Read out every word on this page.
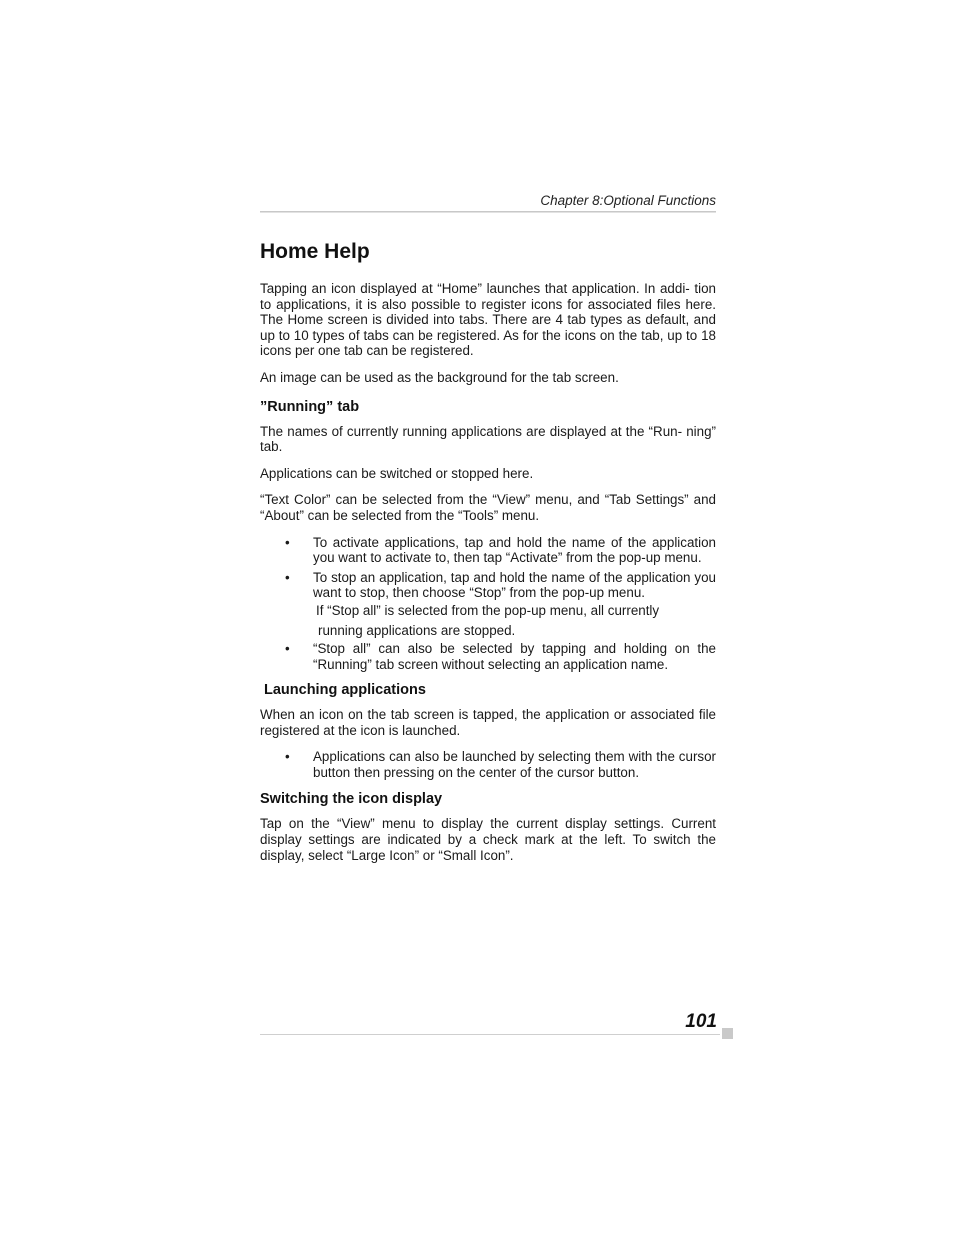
Chapter 8:Optional Functions
Home Help

Tapping an icon displayed at “Home” launches that application. In addi- tion to applications, it is also possible to register icons for associated files here. The Home screen is divided into tabs. There are 4 tab types as default, and up to 10 types of tabs can be registered. As for the icons on the tab, up to 18 icons per one tab can be registered.

An image can be used as the background for the tab screen.

”Running” tab

The names of currently running applications are displayed at the “Run- ning” tab.

Applications can be switched or stopped here.

“Text Color” can be selected from the “View” menu, and “Tab Settings” and “About” can be selected from the “Tools” menu.

• To activate applications, tap and hold the name of the application you want to activate to, then tap “Activate” from the pop-up menu.
• To stop an application, tap and hold the name of the application you want to stop, then choose “Stop” from the pop-up menu.
If “Stop all” is selected from the pop-up menu, all currently
running applications are stopped.
• “Stop all” can also be selected by tapping and holding on the “Running” tab screen without selecting an application name.
Launching applications

When an icon on the tab screen is tapped, the application or associated file registered at the icon is launched.

• Applications can also be launched by selecting them with the cursor button then pressing on the center of the cursor button.
Switching the icon display

Tap on the “View” menu to display the current display settings. Current display settings are indicated by a check mark at the left. To switch the display, select “Large Icon” or “Small Icon”.

101
